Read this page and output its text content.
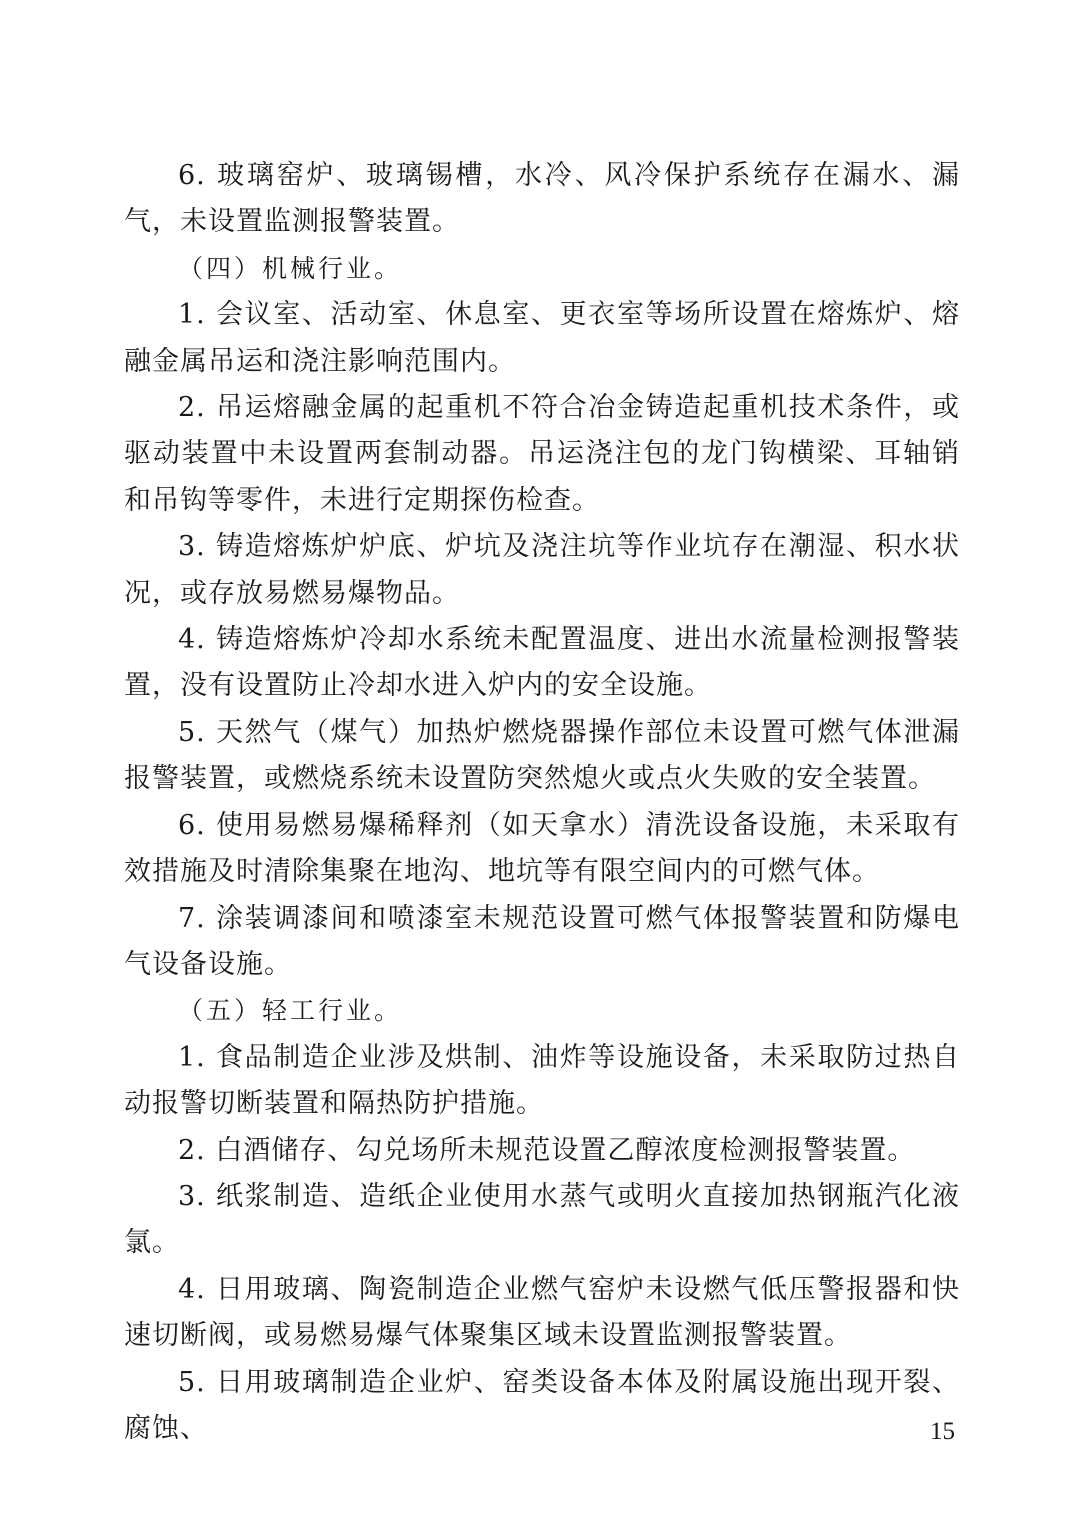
6. 玻璃窑炉、玻璃锡槽，水冷、风冷保护系统存在漏水、漏气，未设置监测报警装置。

（四）机械行业。

1. 会议室、活动室、休息室、更衣室等场所设置在熔炼炉、熔融金属吊运和浇注影响范围内。

2. 吊运熔融金属的起重机不符合冶金铸造起重机技术条件，或驱动装置中未设置两套制动器。吊运浇注包的龙门钩横梁、耳轴销和吊钩等零件，未进行定期探伤检查。

3. 铸造熔炼炉炉底、炉坑及浇注坑等作业坑存在潮湿、积水状况，或存放易燃易爆物品。

4. 铸造熔炼炉冷却水系统未配置温度、进出水流量检测报警装置，没有设置防止冷却水进入炉内的安全设施。

5. 天然气（煤气）加热炉燃烧器操作部位未设置可燃气体泄漏报警装置，或燃烧系统未设置防突然熄火或点火失败的安全装置。

6. 使用易燃易爆稀释剂（如天拿水）清洗设备设施，未采取有效措施及时清除集聚在地沟、地坑等有限空间内的可燃气体。

7. 涂装调漆间和喷漆室未规范设置可燃气体报警装置和防爆电气设备设施。

（五）轻工行业。

1. 食品制造企业涉及烘制、油炸等设施设备，未采取防过热自动报警切断装置和隔热防护措施。

2. 白酒储存、勾兑场所未规范设置乙醇浓度检测报警装置。

3. 纸浆制造、造纸企业使用水蒸气或明火直接加热钢瓶汽化液氯。

4. 日用玻璃、陶瓷制造企业燃气窑炉未设燃气低压警报器和快速切断阀，或易燃易爆气体聚集区域未设置监测报警装置。

5. 日用玻璃制造企业炉、窑类设备本体及附属设施出现开裂、腐蚀、	15
